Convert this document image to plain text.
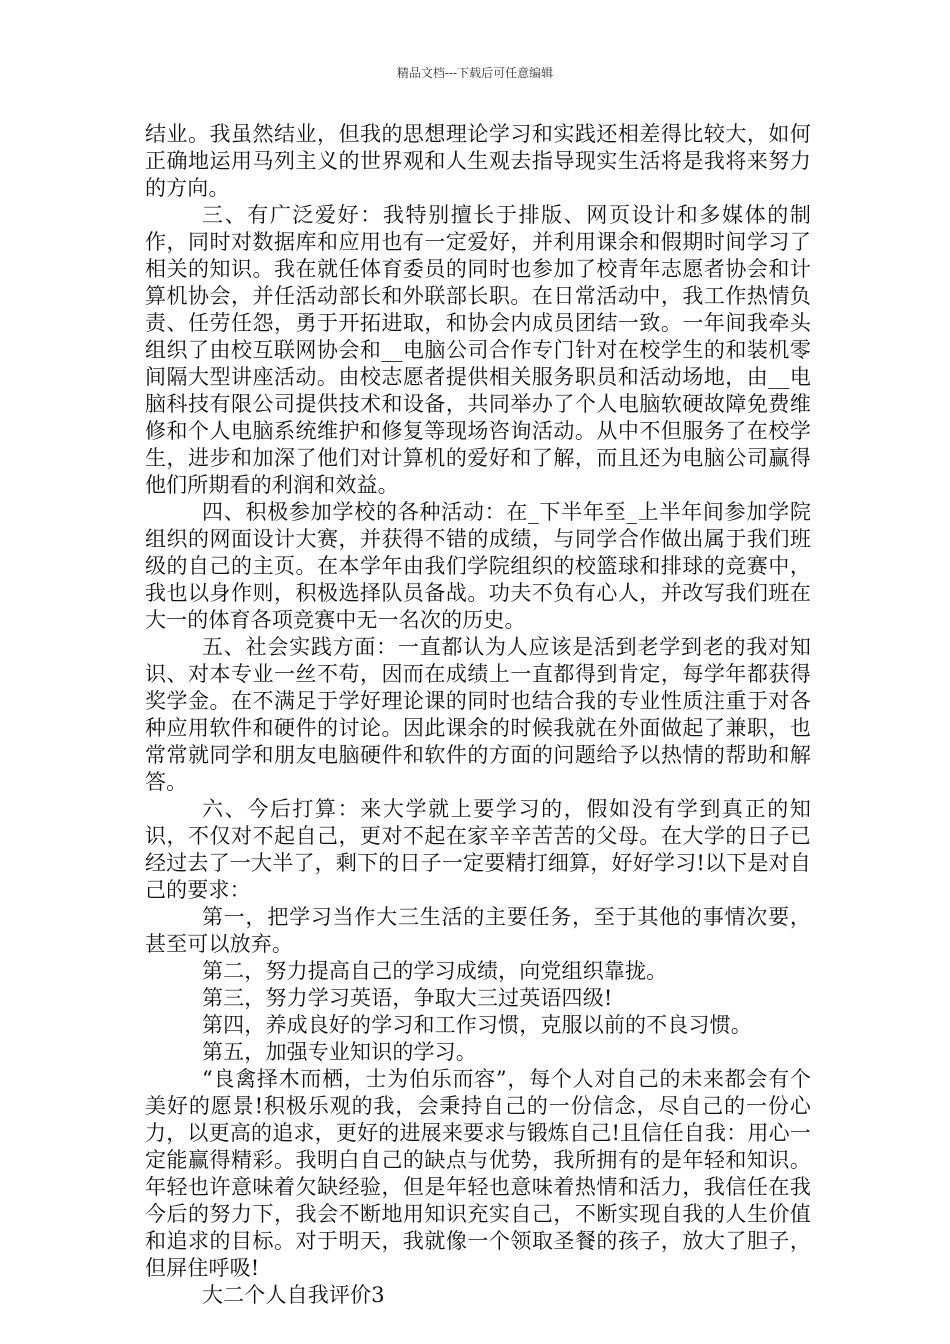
精品文档---下载后可任意编辑

结业。我虽然结业，但我的思想理论学习和实践还相差得比较大，如何正确地运用马列主义的世界观和人生观去指导现实生活将是我将来努力的方向。

三、有广泛爱好：我特别擅长于排版、网页设计和多媒体的制作，同时对数据库和应用也有一定爱好，并利用课余和假期时间学习了相关的知识。我在就任体育委员的同时也参加了校青年志愿者协会和计算机协会，并任活动部长和外联部长职。在日常活动中，我工作热情负责、任劳任怨，勇于开拓进取，和协会内成员团结一致。一年间我牵头组织了由校互联网协会和__电脑公司合作专门针对在校学生的和装机零间隔大型讲座活动。由校志愿者提供相关服务职员和活动场地，由__电脑科技有限公司提供技术和设备，共同举办了个人电脑软硬故障免费维修和个人电脑系统维护和修复等现场咨询活动。从中不但服务了在校学生，进步和加深了他们对计算机的爱好和了解，而且还为电脑公司赢得他们所期看的利润和效益。

四、积极参加学校的各种活动：在_下半年至_上半年间参加学院组织的网面设计大赛，并获得不错的成绩，与同学合作做出属于我们班级的自己的主页。在本学年由我们学院组织的校篮球和排球的竞赛中，我也以身作则，积极选择队员备战。功夫不负有心人，并改写我们班在大一的体育各项竞赛中无一名次的历史。

五、社会实践方面：一直都认为人应该是活到老学到老的我对知识、对本专业一丝不苟，因而在成绩上一直都得到肯定，每学年都获得奖学金。在不满足于学好理论课的同时也结合我的专业性质注重于对各种应用软件和硬件的讨论。因此课余的时候我就在外面做起了兼职，也常常就同学和朋友电脑硬件和软件的方面的问题给予以热情的帮助和解答。

六、今后打算：来大学就上要学习的，假如没有学到真正的知识，不仅对不起自己，更对不起在家辛辛苦苦的父母。在大学的日子已经过去了一大半了，剩下的日子一定要精打细算，好好学习!以下是对自己的要求：

第一，把学习当作大三生活的主要任务，至于其他的事情次要，甚至可以放弃。

第二，努力提高自己的学习成绩，向党组织靠拢。

第三，努力学习英语，争取大三过英语四级!

第四，养成良好的学习和工作习惯，克服以前的不良习惯。

第五，加强专业知识的学习。

“良禽择木而栖，士为伯乐而容”，每个人对自己的未来都会有个美好的愿景!积极乐观的我，会秉持自己的一份信念，尽自己的一份心力，以更高的追求，更好的进展来要求与锻炼自己!且信任自我：用心一定能赢得精彩。我明白自己的缺点与优势，我所拥有的是年轻和知识。年轻也许意味着欠缺经验，但是年轻也意味着热情和活力，我信任在我今后的努力下，我会不断地用知识充实自己，不断实现自我的人生价值和追求的目标。对于明天，我就像一个领取圣餐的孩子，放大了胆子，但屏住呼吸!

大二个人自我评价3
